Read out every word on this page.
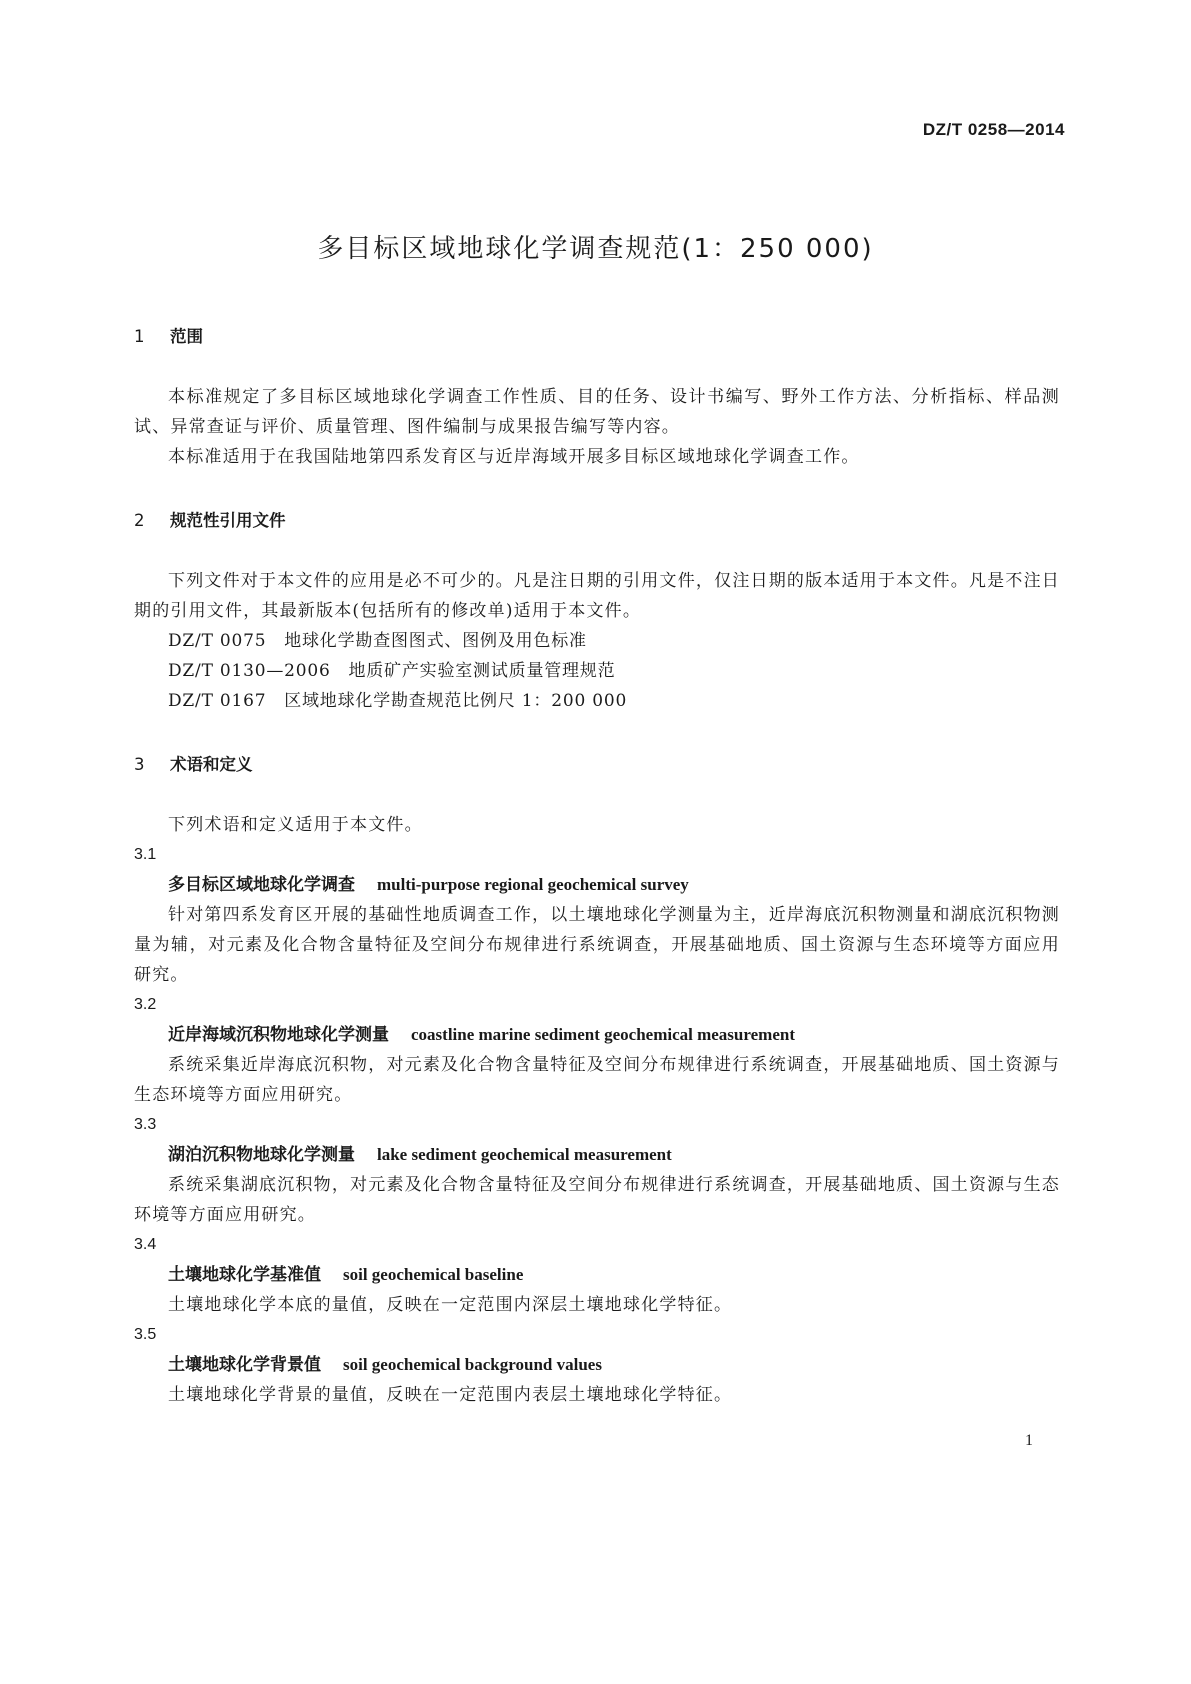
DZ/T 0258—2014
多目标区域地球化学调查规范(1：250 000)
1 范围
本标准规定了多目标区域地球化学调查工作性质、目的任务、设计书编写、野外工作方法、分析指标、样品测试、异常查证与评价、质量管理、图件编制与成果报告编写等内容。
本标准适用于在我国陆地第四系发育区与近岸海域开展多目标区域地球化学调查工作。
2 规范性引用文件
下列文件对于本文件的应用是必不可少的。凡是注日期的引用文件，仅注日期的版本适用于本文件。凡是不注日期的引用文件，其最新版本(包括所有的修改单)适用于本文件。
DZ/T 0075  地球化学勘查图图式、图例及用色标准
DZ/T 0130—2006  地质矿产实验室测试质量管理规范
DZ/T 0167  区域地球化学勘查规范比例尺 1：200 000
3 术语和定义
下列术语和定义适用于本文件。
3.1
多目标区域地球化学调查 multi-purpose regional geochemical survey
针对第四系发育区开展的基础性地质调查工作，以土壤地球化学测量为主，近岸海底沉积物测量和湖底沉积物测量为辅，对元素及化合物含量特征及空间分布规律进行系统调查，开展基础地质、国土资源与生态环境等方面应用研究。
3.2
近岸海域沉积物地球化学测量 coastline marine sediment geochemical measurement
系统采集近岸海底沉积物，对元素及化合物含量特征及空间分布规律进行系统调查，开展基础地质、国土资源与生态环境等方面应用研究。
3.3
湖泊沉积物地球化学测量 lake sediment geochemical measurement
系统采集湖底沉积物，对元素及化合物含量特征及空间分布规律进行系统调查，开展基础地质、国土资源与生态环境等方面应用研究。
3.4
土壤地球化学基准值 soil geochemical baseline
土壤地球化学本底的量值，反映在一定范围内深层土壤地球化学特征。
3.5
土壤地球化学背景值 soil geochemical background values
土壤地球化学背景的量值，反映在一定范围内表层土壤地球化学特征。
1
